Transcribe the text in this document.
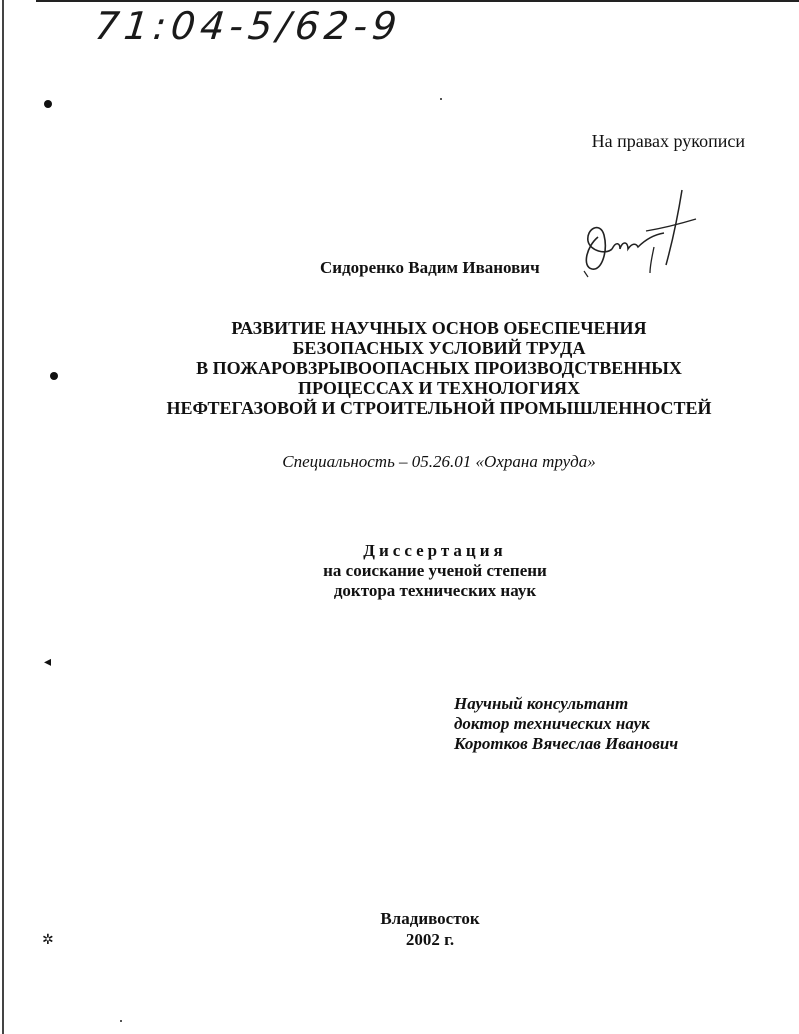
71:04-5/62-9
◂
✲
На правах рукописи
Сидоренко Вадим Иванович
РАЗВИТИЕ НАУЧНЫХ ОСНОВ ОБЕСПЕЧЕНИЯ
БЕЗОПАСНЫХ УСЛОВИЙ ТРУДА
В ПОЖАРОВЗРЫВООПАСНЫХ ПРОИЗВОДСТВЕННЫХ
ПРОЦЕССАХ И ТЕХНОЛОГИЯХ
НЕФТЕГАЗОВОЙ И СТРОИТЕЛЬНОЙ ПРОМЫШЛЕННОСТЕЙ
Специальность – 05.26.01 «Охрана труда»
Диссертация
на соискание ученой степени
доктора технических наук
Научный консультант
доктор технических наук
Коротков Вячеслав Иванович
Владивосток
2002 г.
